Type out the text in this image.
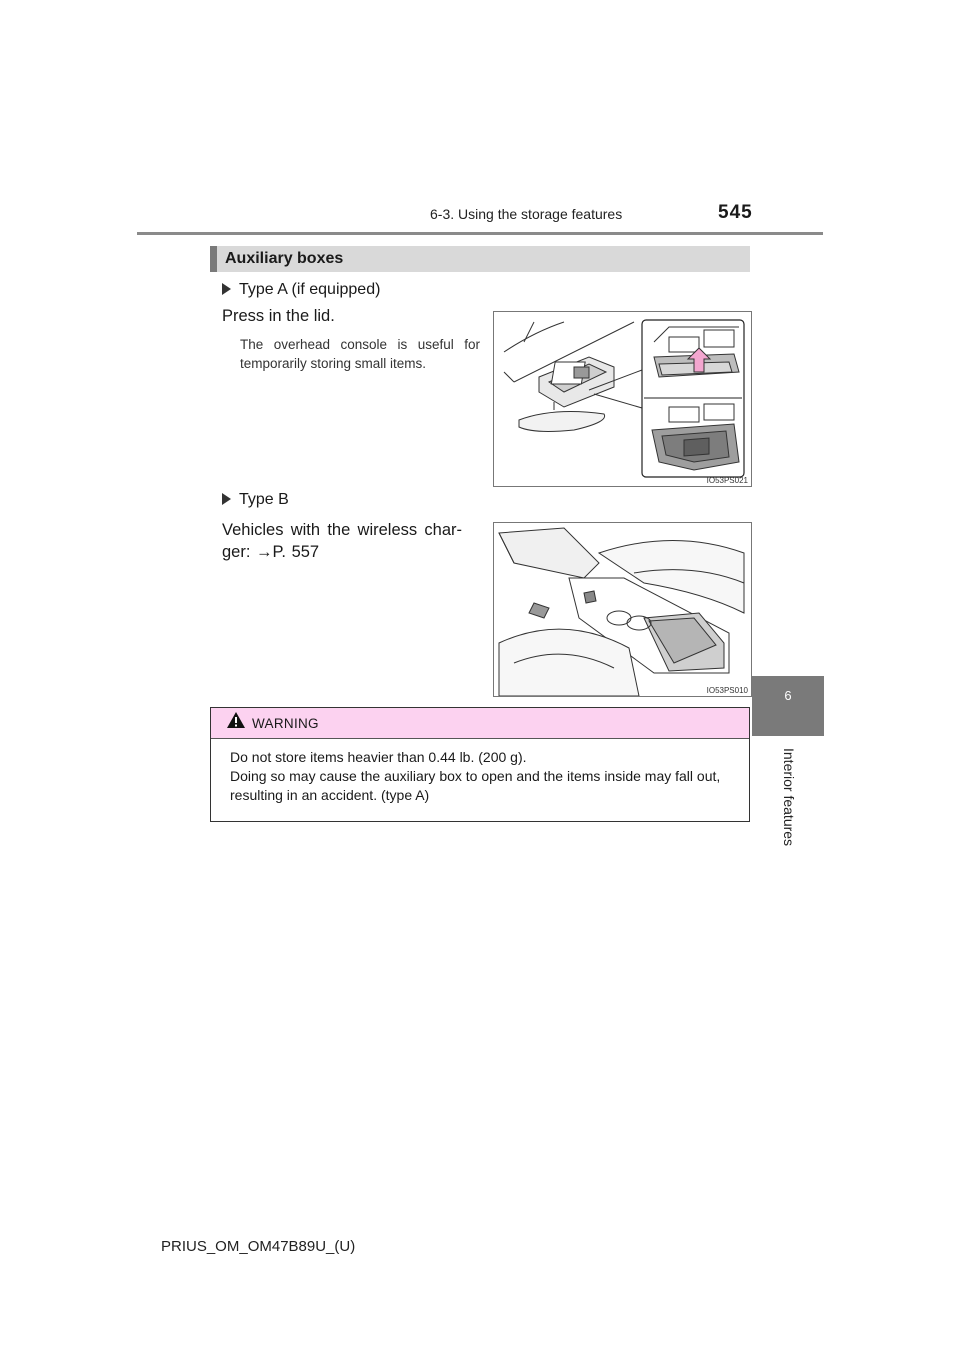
6-3. Using the storage features	545
6
Interior features
Auxiliary boxes
Type A (if equipped)
Press in the lid.
The overhead console is useful for temporarily storing small items.
IO53PS021
Type B
Vehicles with the wireless char-ger: →P. 557
IO53PS010
WARNING
Do not store items heavier than 0.44 lb. (200 g).
Doing so may cause the auxiliary box to open and the items inside may fall out, resulting in an accident. (type A)
PRIUS_OM_OM47B89U_(U)
